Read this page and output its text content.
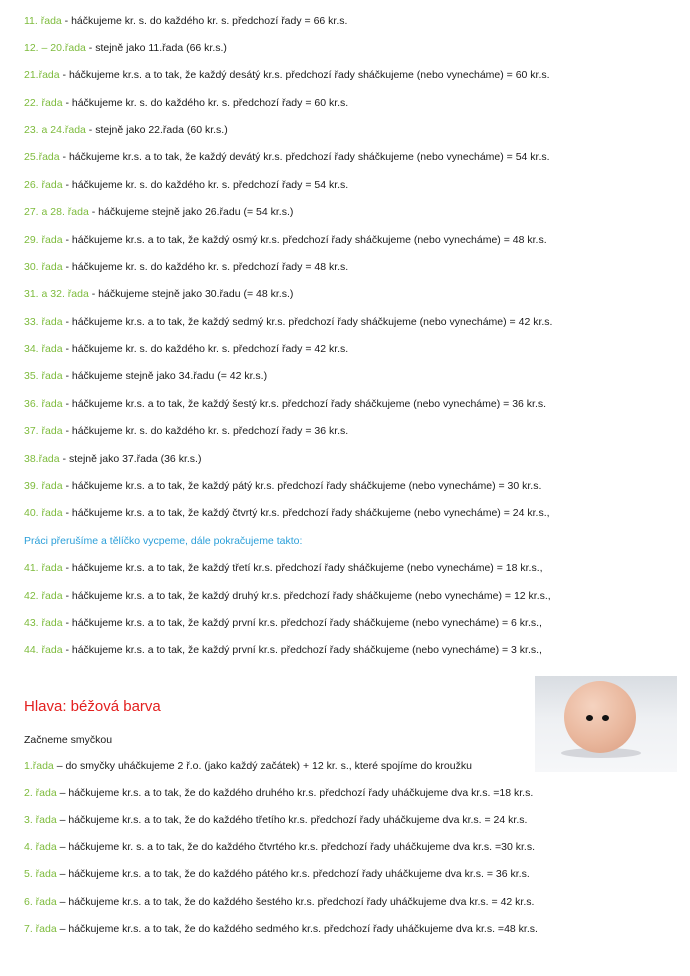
11. řada - háčkujeme kr. s. do každého kr. s. předchozí řady = 66 kr.s.
12. – 20.řada - stejně jako 11.řada (66 kr.s.)
21.řada - háčkujeme kr.s. a to tak, že každý desátý kr.s. předchozí řady sháčkujeme (nebo vynecháme) = 60 kr.s.
22. řada - háčkujeme kr. s. do každého kr. s. předchozí řady = 60 kr.s.
23. a 24.řada - stejně jako 22.řada (60 kr.s.)
25.řada - háčkujeme kr.s. a to tak, že každý devátý kr.s. předchozí řady sháčkujeme (nebo vynecháme) = 54 kr.s.
26. řada - háčkujeme kr. s. do každého kr. s. předchozí řady = 54 kr.s.
27. a 28. řada - háčkujeme stejně jako 26.řadu (= 54 kr.s.)
29. řada - háčkujeme kr.s. a to tak, že každý osmý kr.s. předchozí řady sháčkujeme (nebo vynecháme) = 48 kr.s.
30. řada - háčkujeme kr. s. do každého kr. s. předchozí řady = 48 kr.s.
31. a 32. řada - háčkujeme stejně jako 30.řadu (= 48 kr.s.)
33. řada - háčkujeme kr.s. a to tak, že každý sedmý kr.s. předchozí řady sháčkujeme (nebo vynecháme) = 42 kr.s.
34. řada - háčkujeme kr. s. do každého kr. s. předchozí řady = 42 kr.s.
35. řada - háčkujeme stejně jako 34.řadu (= 42 kr.s.)
36. řada - háčkujeme kr.s. a to tak, že každý šestý kr.s. předchozí řady sháčkujeme (nebo vynecháme) = 36 kr.s.
37. řada - háčkujeme kr. s. do každého kr. s. předchozí řady = 36 kr.s.
38.řada - stejně jako 37.řada (36 kr.s.)
39. řada - háčkujeme kr.s. a to tak, že každý pátý kr.s. předchozí řady sháčkujeme (nebo vynecháme) = 30 kr.s.
40. řada - háčkujeme kr.s. a to tak, že každý čtvrtý kr.s. předchozí řady sháčkujeme (nebo vynecháme) = 24 kr.s.,
Práci přerušíme a tělíčko vycpeme, dále pokračujeme takto:
41. řada - háčkujeme kr.s. a to tak, že každý třetí kr.s. předchozí řady sháčkujeme (nebo vynecháme) = 18 kr.s.,
42. řada - háčkujeme kr.s. a to tak, že každý druhý kr.s. předchozí řady sháčkujeme (nebo vynecháme) = 12 kr.s.,
43. řada - háčkujeme kr.s. a to tak, že každý první kr.s. předchozí řady sháčkujeme (nebo vynecháme) = 6 kr.s.,
44. řada - háčkujeme kr.s. a to tak, že každý první kr.s. předchozí řady sháčkujeme (nebo vynecháme) = 3 kr.s.,
Hlava: béžová barva
Začneme smyčkou
1.řada – do smyčky uháčkujeme 2 ř.o. (jako každý začátek) + 12 kr. s., které spojíme do kroužku
2. řada – háčkujeme kr.s. a to tak, že do každého druhého kr.s. předchozí řady uháčkujeme dva kr.s. =18 kr.s.
3. řada – háčkujeme kr.s. a to tak, že do každého třetího kr.s. předchozí řady uháčkujeme dva kr.s. = 24 kr.s.
4. řada – háčkujeme kr. s. a to tak, že do každého čtvrtého kr.s. předchozí řady uháčkujeme dva kr.s. =30 kr.s.
5. řada – háčkujeme kr.s. a to tak, že do každého pátého kr.s. předchozí řady uháčkujeme dva kr.s. = 36 kr.s.
6. řada – háčkujeme kr.s. a to tak, že do každého šestého kr.s. předchozí řady uháčkujeme dva kr.s. = 42 kr.s.
7. řada – háčkujeme kr.s. a to tak, že do každého sedmého kr.s. předchozí řady uháčkujeme dva kr.s. =48 kr.s.
